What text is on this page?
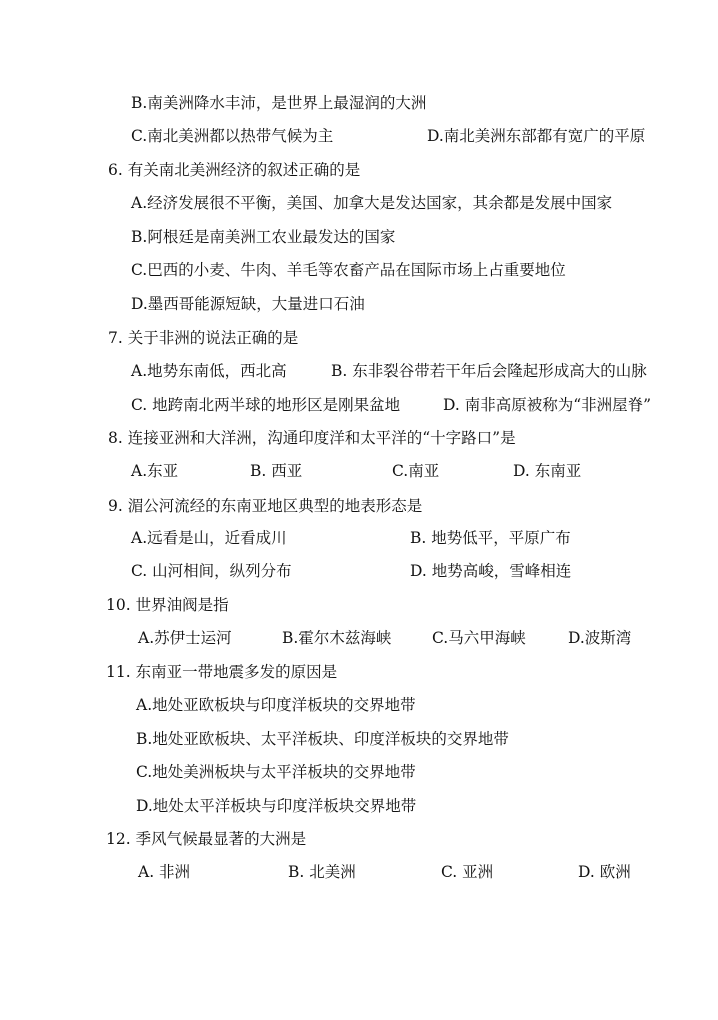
B.南美洲降水丰沛，是世界上最湿润的大洲
C.南北美洲都以热带气候为主	D.南北美洲东部都有宽广的平原
6. 有关南北美洲经济的叙述正确的是
A.经济发展很不平衡，美国、加拿大是发达国家，其余都是发展中国家
B.阿根廷是南美洲工农业最发达的国家
C.巴西的小麦、牛肉、羊毛等农畜产品在国际市场上占重要地位
D.墨西哥能源短缺，大量进口石油
7. 关于非洲的说法正确的是
A.地势东南低，西北高	B. 东非裂谷带若干年后会隆起形成高大的山脉
C. 地跨南北两半球的地形区是刚果盆地	D. 南非高原被称为“非洲屋脊”
8. 连接亚洲和大洋洲，沟通印度洋和太平洋的“十字路口”是
A.东亚	B. 西亚	C.南亚	D. 东南亚
9. 湄公河流经的东南亚地区典型的地表形态是
A.远看是山，近看成川	B. 地势低平，平原广布
C. 山河相间，纵列分布	D. 地势高峻，雪峰相连
10. 世界油阀是指
A.苏伊士运河	B.霍尔木兹海峡	C.马六甲海峡	D.波斯湾
11. 东南亚一带地震多发的原因是
A.地处亚欧板块与印度洋板块的交界地带
B.地处亚欧板块、太平洋板块、印度洋板块的交界地带
C.地处美洲板块与太平洋板块的交界地带
D.地处太平洋板块与印度洋板块交界地带
12. 季风气候最显著的大洲是
A. 非洲	B. 北美洲	C. 亚洲	D. 欧洲
